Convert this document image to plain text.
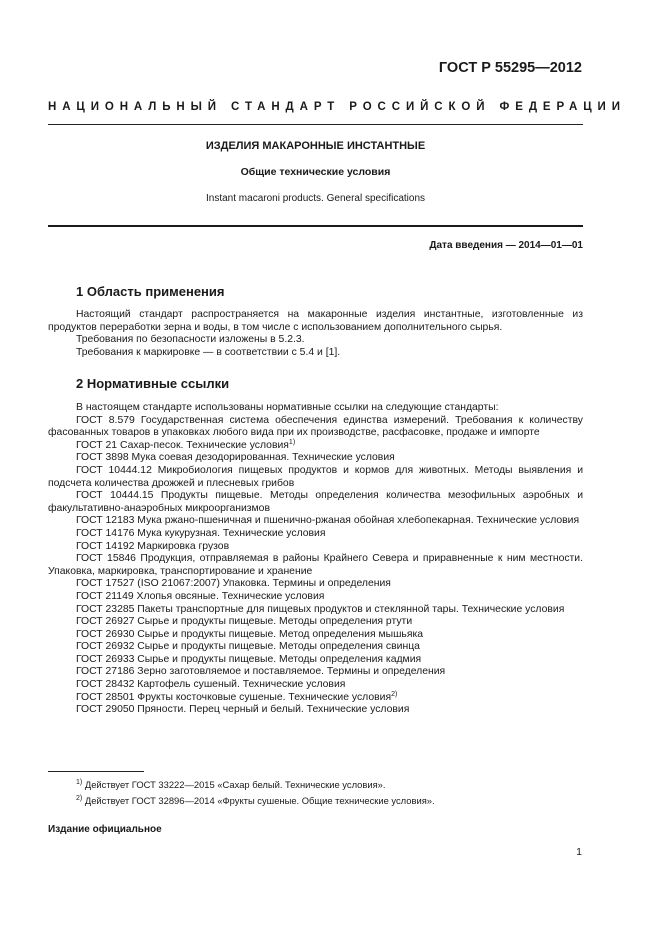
ГОСТ Р 55295—2012
НАЦИОНАЛЬНЫЙ СТАНДАРТ РОССИЙСКОЙ ФЕДЕРАЦИИ
ИЗДЕЛИЯ МАКАРОННЫЕ ИНСТАНТНЫЕ
Общие технические условия
Instant macaroni products. General specifications
Дата введения — 2014—01—01
1 Область применения

Настоящий стандарт распространяется на макаронные изделия инстантные, изготовленные из продуктов переработки зерна и воды, в том числе с использованием дополнительного сырья.

Требования по безопасности изложены в 5.2.3.

Требования к маркировке — в соответствии с 5.4 и [1].

2 Нормативные ссылки

В настоящем стандарте использованы нормативные ссылки на следующие стандарты:

ГОСТ 8.579 Государственная система обеспечения единства измерений. Требования к количеству фасованных товаров в упаковках любого вида при их производстве, расфасовке, продаже и импорте

ГОСТ 21 Сахар-песок. Технические условия$^{1)}$

ГОСТ 3898 Мука соевая дезодорированная. Технические условия

ГОСТ 10444.12 Микробиология пищевых продуктов и кормов для животных. Методы выявления и подсчета количества дрожжей и плесневых грибов

ГОСТ 10444.15 Продукты пищевые. Методы определения количества мезофильных аэробных и факультативно-анаэробных микроорганизмов

ГОСТ 12183 Мука ржано-пшеничная и пшенично-ржаная обойная хлебопекарная. Технические условия

ГОСТ 14176 Мука кукурузная. Технические условия

ГОСТ 14192 Маркировка грузов

ГОСТ 15846 Продукция, отправляемая в районы Крайнего Севера и приравненные к ним местности. Упаковка, маркировка, транспортирование и хранение

ГОСТ 17527 (ISO 21067:2007) Упаковка. Термины и определения

ГОСТ 21149 Хлопья овсяные. Технические условия

ГОСТ 23285 Пакеты транспортные для пищевых продуктов и стеклянной тары. Технические условия

ГОСТ 26927 Сырье и продукты пищевые. Методы определения ртути

ГОСТ 26930 Сырье и продукты пищевые. Метод определения мышьяка

ГОСТ 26932 Сырье и продукты пищевые. Методы определения свинца

ГОСТ 26933 Сырье и продукты пищевые. Методы определения кадмия

ГОСТ 27186 Зерно заготовляемое и поставляемое. Термины и определения

ГОСТ 28432 Картофель сушеный. Технические условия

ГОСТ 28501 Фрукты косточковые сушеные. Технические условия$^{2)}$

ГОСТ 29050 Пряности. Перец черный и белый. Технические условия

$^{1)}$ Действует ГОСТ 33222—2015 «Сахар белый. Технические условия».
$^{2)}$ Действует ГОСТ 32896—2014 «Фрукты сушеные. Общие технические условия».
Издание официальное
1
